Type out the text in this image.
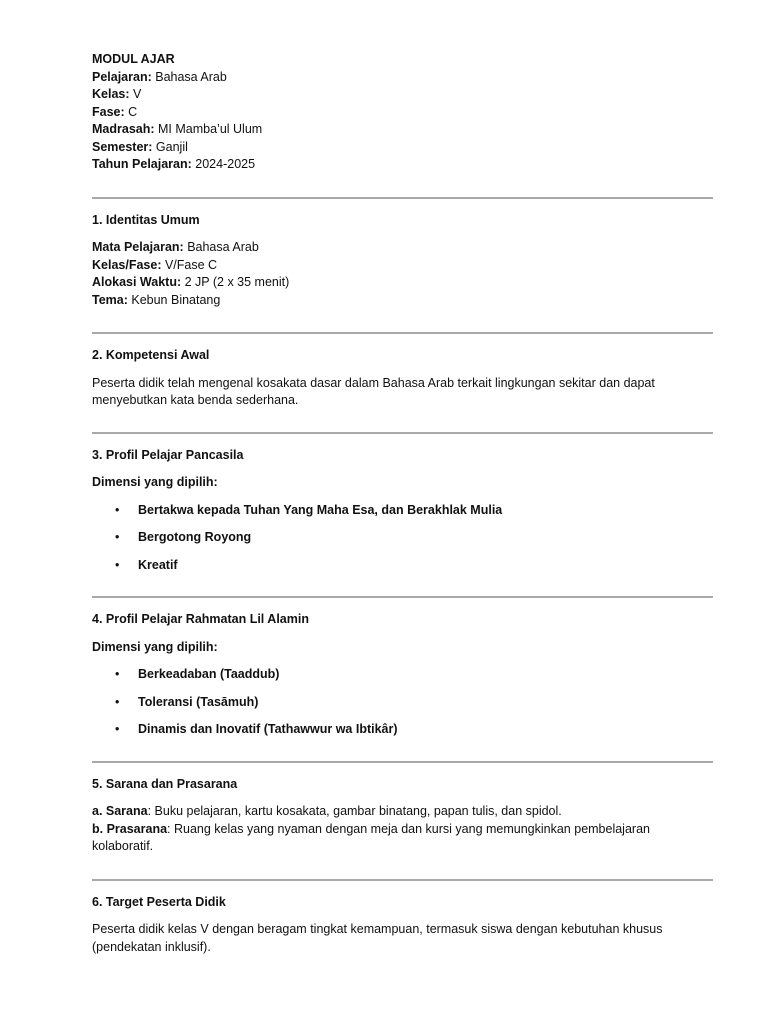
MODUL AJAR

Pelajaran: Bahasa Arab

Kelas: V

Fase: C

Madrasah: MI Mamba’ul Ulum

Semester: Ganjil

Tahun Pelajaran: 2024-2025

1. Identitas Umum

Mata Pelajaran: Bahasa Arab

Kelas/Fase: V/Fase C

Alokasi Waktu: 2 JP (2 x 35 menit)

Tema: Kebun Binatang

2. Kompetensi Awal

Peserta didik telah mengenal kosakata dasar dalam Bahasa Arab terkait lingkungan sekitar dan dapat menyebutkan kata benda sederhana.

3. Profil Pelajar Pancasila

Dimensi yang dipilih:

• Bertakwa kepada Tuhan Yang Maha Esa, dan Berakhlak Mulia
• Bergotong Royong
• Kreatif

4. Profil Pelajar Rahmatan Lil Alamin

Dimensi yang dipilih:

• Berkeadaban (Taaddub)
• Toleransi (Tasāmuh)
• Dinamis dan Inovatif (Tathawwur wa Ibtikâr)

5. Sarana dan Prasarana

a. Sarana: Buku pelajaran, kartu kosakata, gambar binatang, papan tulis, dan spidol.

b. Prasarana: Ruang kelas yang nyaman dengan meja dan kursi yang memungkinkan pembelajaran kolaboratif.

6. Target Peserta Didik

Peserta didik kelas V dengan beragam tingkat kemampuan, termasuk siswa dengan kebutuhan khusus (pendekatan inklusif).
